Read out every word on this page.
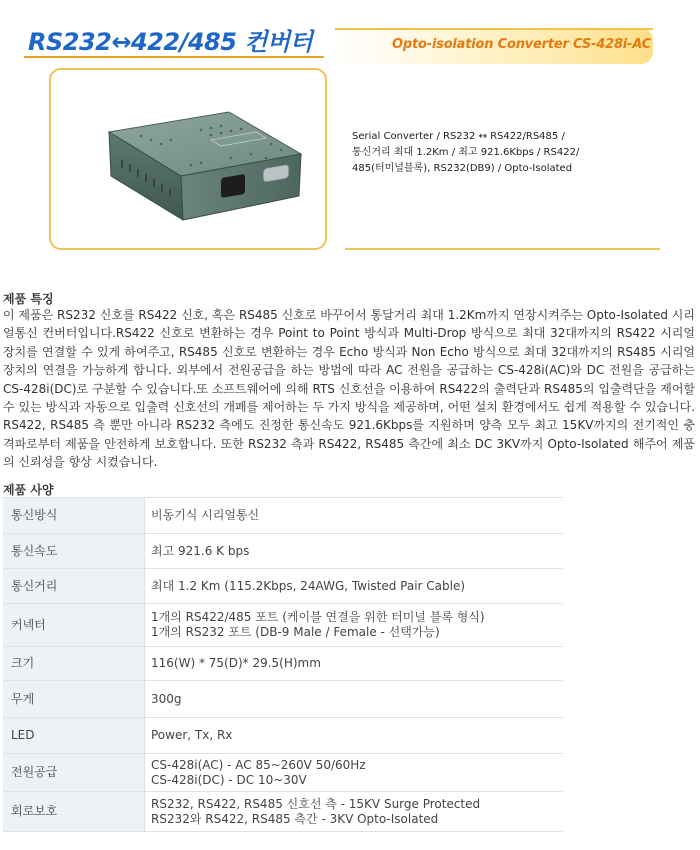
RS232↔422/485 컨버터	Opto-isolation Converter CS-428i-AC
Serial Converter / RS232 ↔ RS422/RS485 /
통신거리 최대 1.2Km / 최고 921.6Kbps / RS422/
485(터미널블록), RS232(DB9) / Opto-Isolated
제품 특징

이 제품은 RS232 신호를 RS422 신호, 혹은 RS485 신호로 바꾸어서 통달거리 최대 1.2Km까지 연장시켜주는 Opto-Isolated 시리얼통신 컨버터입니다.RS422 신호로 변환하는 경우 Point to Point 방식과 Multi-Drop 방식으로 최대 32대까지의 RS422 시리얼 장치를 연결할 수 있게 하여주고, RS485 신호로 변환하는 경우 Echo 방식과 Non Echo 방식으로 최대 32대까지의 RS485 시리얼 장치의 연결을 가능하게 합니다. 외부에서 전원공급을 하는 방법에 따라 AC 전원을 공급하는 CS-428i(AC)와 DC 전원을 공급하는 CS-428i(DC)로 구분할 수 있습니다.또 소프트웨어에 의해 RTS 신호선을 이용하여 RS422의 출력단과 RS485의 입출력단을 제어할 수 있는 방식과 자동으로 입출력 신호선의 개폐를 제어하는 두 가지 방식을 제공하며, 어떤 설치 환경에서도 쉽게 적용할 수 있습니다. RS422, RS485 측 뿐만 아니라 RS232 측에도 진정한 통신속도 921.6Kbps를 지원하며 양측 모두 최고 15KV까지의 전기적인 충격파로부터 제품을 안전하게 보호합니다. 또한 RS232 측과 RS422, RS485 측간에 최소 DC 3KV까지 Opto-Isolated 해주어 제품의 신뢰성을 향상 시켰습니다.

제품 사양
통신방식	비동기식 시리얼통신

통신속도	최고 921.6 K bps

통신거리	최대 1.2 Km (115.2Kbps, 24AWG, Twisted Pair Cable)

커넥터	1개의 RS422/485 포트 (케이블 연결을 위한 터미널 블록 형식)
1개의 RS232 포트 (DB-9 Male / Female - 선택가능)

크기	116(W) * 75(D)* 29.5(H)mm

무게	300g

LED	Power, Tx, Rx

전원공급	CS-428i(AC) - AC 85~260V 50/60Hz
CS-428i(DC) - DC 10~30V

회로보호	RS232, RS422, RS485 신호선 측 - 15KV Surge Protected
RS232와 RS422, RS485 측간 - 3KV Opto-Isolated
